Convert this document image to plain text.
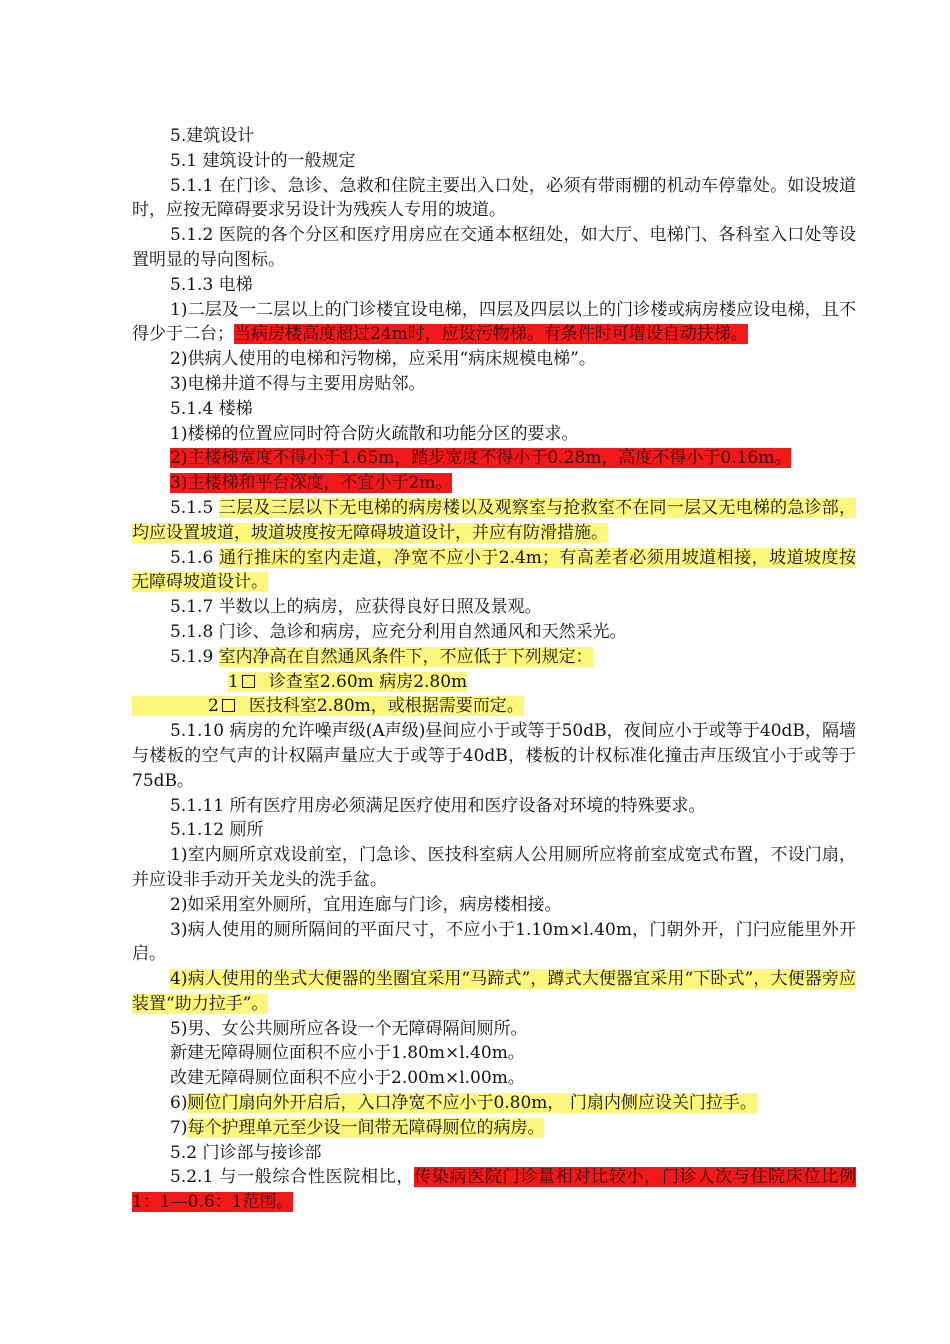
5.建筑设计

5.1 建筑设计的一般规定

5.1.1 在门诊、急诊、急救和住院主要出入口处，必须有带雨棚的机动车停靠处。如设坡道时，应按无障碍要求另设计为残疾人专用的坡道。

5.1.2 医院的各个分区和医疗用房应在交通本枢纽处，如大厅、电梯门、各科室入口处等设置明显的导向图标。

5.1.3 电梯

1)二层及一二层以上的门诊楼宜设电梯，四层及四层以上的门诊楼或病房楼应设电梯，且不得少于二台；当病房楼高度超过24m时，应设污物梯。有条件时可增设自动扶梯。

2)供病人使用的电梯和污物梯，应采用“病床规模电梯”。

3)电梯井道不得与主要用房贴邻。

5.1.4 楼梯

1)楼梯的位置应同时符合防火疏散和功能分区的要求。

2)主楼梯宽度不得小于1.65m，踏步宽度不得小于0.28m，高度不得小于0.16m。

3)主楼梯和平台深度，不宜小于2m。

5.1.5 三层及三层以下无电梯的病房楼以及观察室与抢救室不在同一层又无电梯的急诊部，均应设置坡道，坡道坡度按无障碍坡道设计，并应有防滑措施。

5.1.6 通行推床的室内走道，净宽不应小于2.4m；有高差者必须用坡道相接，坡道坡度按无障碍坡道设计。

5.1.7 半数以上的病房，应获得良好日照及景观。

5.1.8 门诊、急诊和病房，应充分利用自然通风和天然采光。

5.1.9 室内净高在自然通风条件下，不应低于下列规定：

1 诊查室2.60m 病房2.80m

2 医技科室2.80m，或根据需要而定。

5.1.10 病房的允许噪声级(A声级)昼间应小于或等于50dB，夜间应小于或等于40dB，隔墙与楼板的空气声的计权隔声量应大于或等于40dB，楼板的计权标准化撞击声压级宜小于或等于75dB。

5.1.11 所有医疗用房必须满足医疗使用和医疗设备对环境的特殊要求。

5.1.12 厕所

1)室内厕所京戏设前室，门急诊、医技科室病人公用厕所应将前室成宽式布置，不设门扇，并应设非手动开关龙头的洗手盆。

2)如采用室外厕所，宜用连廊与门诊，病房楼相接。

3)病人使用的厕所隔间的平面尺寸，不应小于1.10m×l.40m，门朝外开，门闩应能里外开启。

4)病人使用的坐式大便器的坐圈宜采用“马蹄式”，蹲式大便器宜采用“下卧式”，大便器旁应装置“助力拉手”。

5)男、女公共厕所应各设一个无障碍隔间厕所。

新建无障碍厕位面积不应小于1.80m×l.40m。

改建无障碍厕位面积不应小于2.00m×l.00m。

6)厕位门扇向外开启后，入口净宽不应小于0.80m， 门扇内侧应设关门拉手。

7)每个护理单元至少设一间带无障碍厕位的病房。

5.2 门诊部与接诊部

5.2.1 与一般综合性医院相比，传染病医院门诊量相对比较小，门诊人次与住院床位比例1：1—0.6：1范围。
